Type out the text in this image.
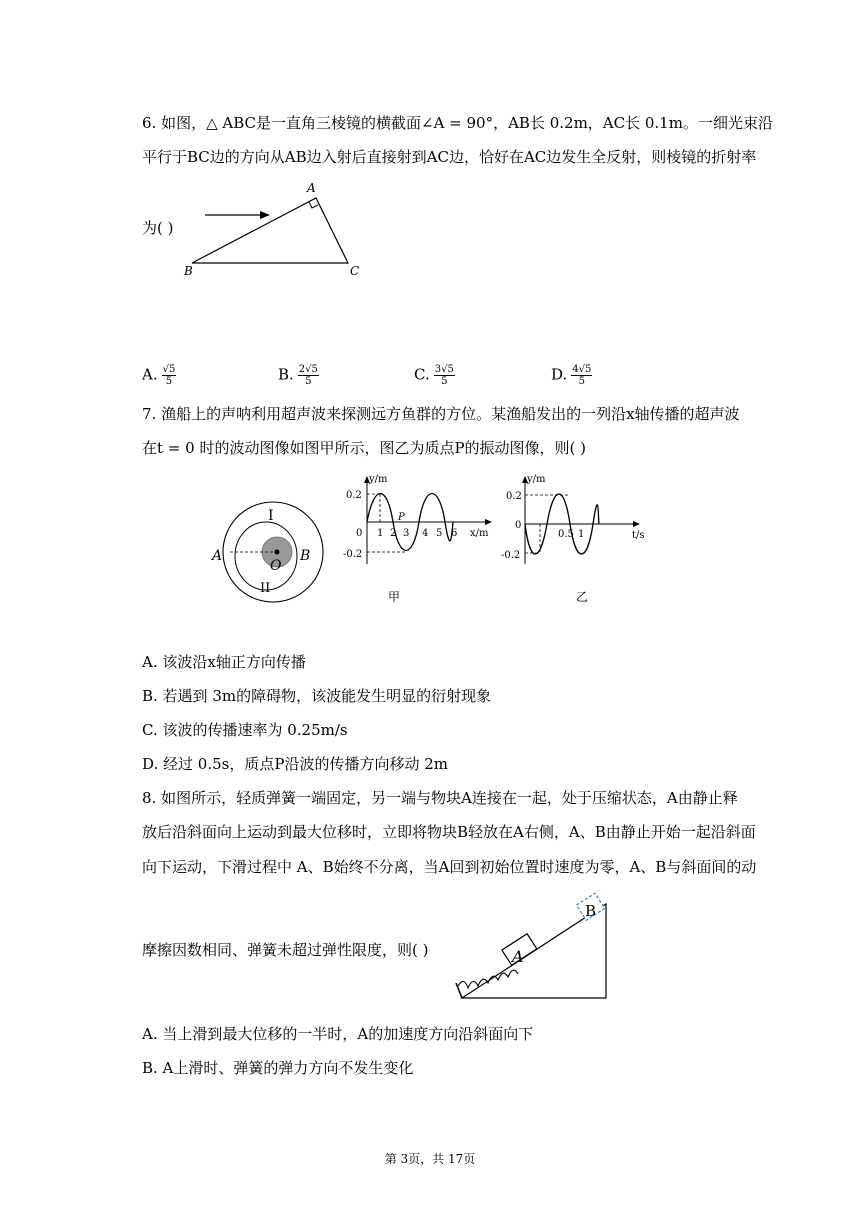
6. 如图，△ ABC是一直角三棱镜的横截面∠A = 90°，AB长 0.2m，AC长 0.1m。一细光束沿
平行于BC边的方向从AB边入射后直接射到AC边，恰好在AC边发生全反射，则棱镜的折射率
为( )
A
B	C
A. $\frac{√5}{5}$	B. $\frac{2√5}{5}$	C. $\frac{3√5}{5}$	D. $\frac{4√5}{5}$
7. 渔船上的声呐利用超声波来探测远方鱼群的方位。某渔船发出的一列沿x轴传播的超声波
在t = 0 时的波动图像如图甲所示，图乙为质点P的振动图像，则( )
I
II
A	B
O
y/m
x/m
0.2
-0.2
P
0 1 2 3 4 5 6
甲
y/m
t/s
0.2
0
-0.2
0.5 1
乙
A. 该波沿x轴正方向传播
B. 若遇到 3m的障碍物，该波能发生明显的衍射现象
C. 该波的传播速率为 0.25m/s
D. 经过 0.5s，质点P沿波的传播方向移动 2m
8. 如图所示，轻质弹簧一端固定，另一端与物块A连接在一起，处于压缩状态，A由静止释
放后沿斜面向上运动到最大位移时，立即将物块B轻放在A右侧，A、B由静止开始一起沿斜面
向下运动，下滑过程中 A、B始终不分离，当A回到初始位置时速度为零，A、B与斜面间的动
摩擦因数相同、弹簧未超过弹性限度，则( )	A
B
A. 当上滑到最大位移的一半时，A的加速度方向沿斜面向下
B. A上滑时、弹簧的弹力方向不发生变化
第 3页，共 17页
